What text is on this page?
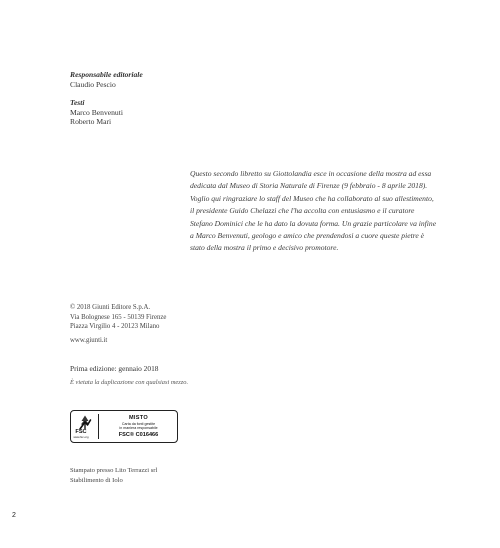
Responsabile editoriale
Claudio Pescio
Testi
Marco Benvenuti
Roberto Mari
Questo secondo libretto su Giottolandia esce in occasione della mostra ad essa dedicata dal Museo di Storia Naturale di Firenze (9 febbraio - 8 aprile 2018). Voglio qui ringraziare lo staff del Museo che ha collaborato al suo allestimento, il presidente Guido Chelazzi che l'ha accolta con entusiasmo e il curatore Stefano Dominici che le ha dato la dovuta forma. Un grazie particolare va infine a Marco Benvenuti, geologo e amico che prendendosi a cuore queste pietre è stato della mostra il primo e decisivo promotore.
© 2018 Giunti Editore S.p.A.
Via Bolognese 165 - 50139 Firenze
Piazza Virgilio 4 - 20123 Milano
www.giunti.it
Prima edizione: gennaio 2018
È vietata la duplicazione con qualsiasi mezzo.
FSC
www.fsc.org
MISTO
Carta da fonti gestite
in maniera responsabile
FSC® C016466
Stampato presso Lito Terrazzi srl
Stabilimento di Iolo
2
